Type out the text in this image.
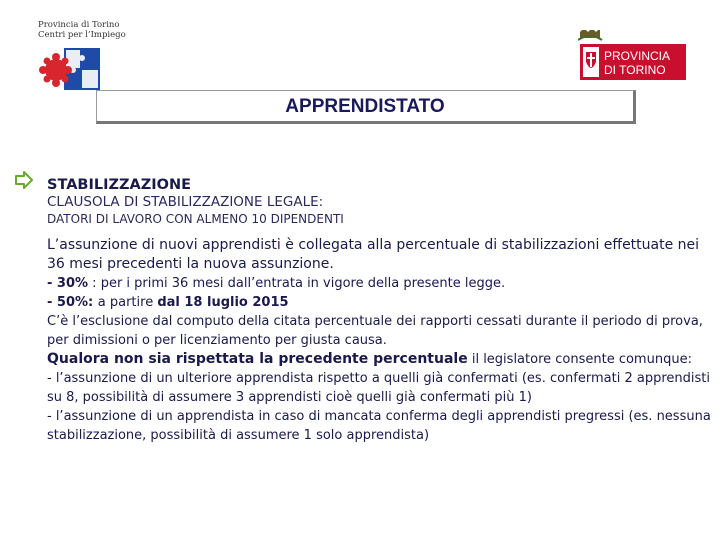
Provincia di Torino
Centri per l’Impiego
PROVINCIA
DI TORINO
APPRENDISTATO

STABILIZZAZIONE

CLAUSOLA DI STABILIZZAZIONE LEGALE:

DATORI DI LAVORO CON ALMENO 10 DIPENDENTI

L’assunzione di nuovi apprendisti è collegata alla percentuale di stabilizzazioni effettuate nei 36 mesi precedenti la nuova assunzione.

- 30% : per i primi 36 mesi dall’entrata in vigore della presente legge.

- 50%: a partire dal 18 luglio 2015

C’è l’esclusione dal computo della citata percentuale dei rapporti cessati durante il periodo di prova, per dimissioni o per licenziamento per giusta causa.

Qualora non sia rispettata la precedente percentuale il legislatore consente comunque:

- l’assunzione di un ulteriore apprendista rispetto a quelli già confermati (es. confermati 2 apprendisti su 8, possibilità di assumere 3 apprendisti cioè quelli già confermati più 1)

- l’assunzione di un apprendista in caso di mancata conferma degli apprendisti pregressi (es. nessuna stabilizzazione, possibilità di assumere 1 solo apprendista)
